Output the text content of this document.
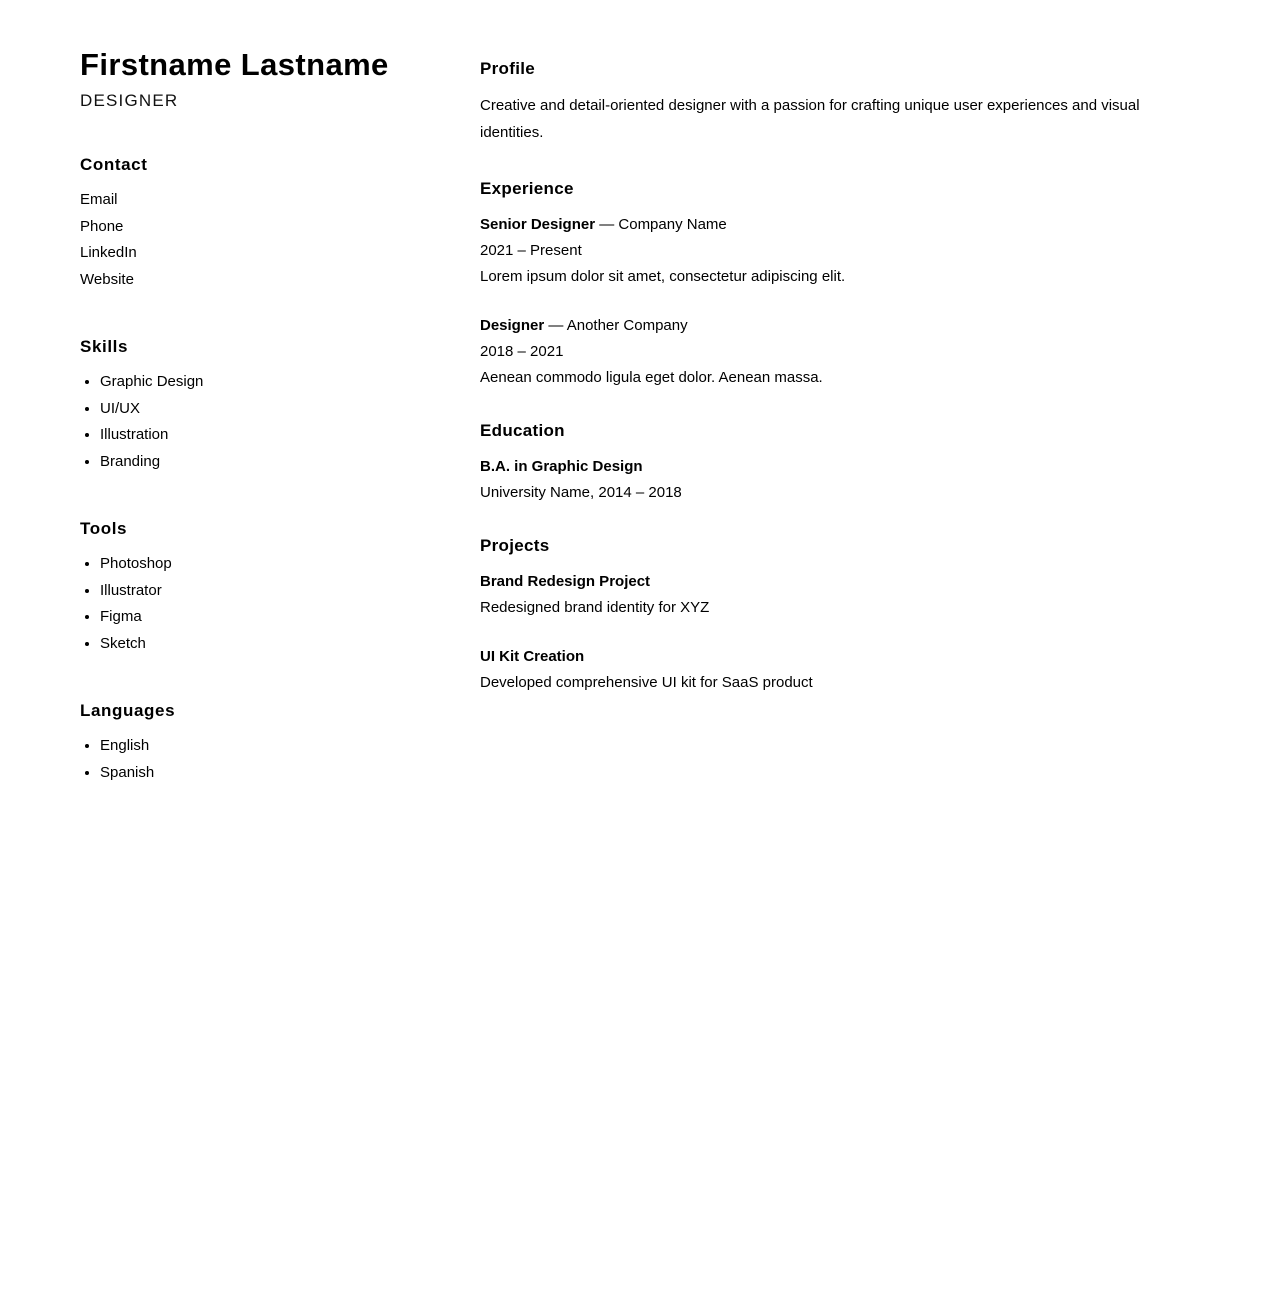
Firstname Lastname
DESIGNER
Contact

Email

Phone

LinkedIn

Website

Skills
• Graphic Design
• UI/UX
• Illustration
• Branding
Tools
• Photoshop
• Illustrator
• Figma
• Sketch
Languages
• English
• Spanish
Profile

Creative and detail-oriented designer with a passion for crafting unique user experiences and visual identities.

Experience

Senior Designer — Company Name

2021 – Present

Lorem ipsum dolor sit amet, consectetur adipiscing elit.

Designer — Another Company

2018 – 2021

Aenean commodo ligula eget dolor. Aenean massa.

Education

B.A. in Graphic Design

University Name, 2014 – 2018

Projects

Brand Redesign Project

Redesigned brand identity for XYZ

UI Kit Creation

Developed comprehensive UI kit for SaaS product
